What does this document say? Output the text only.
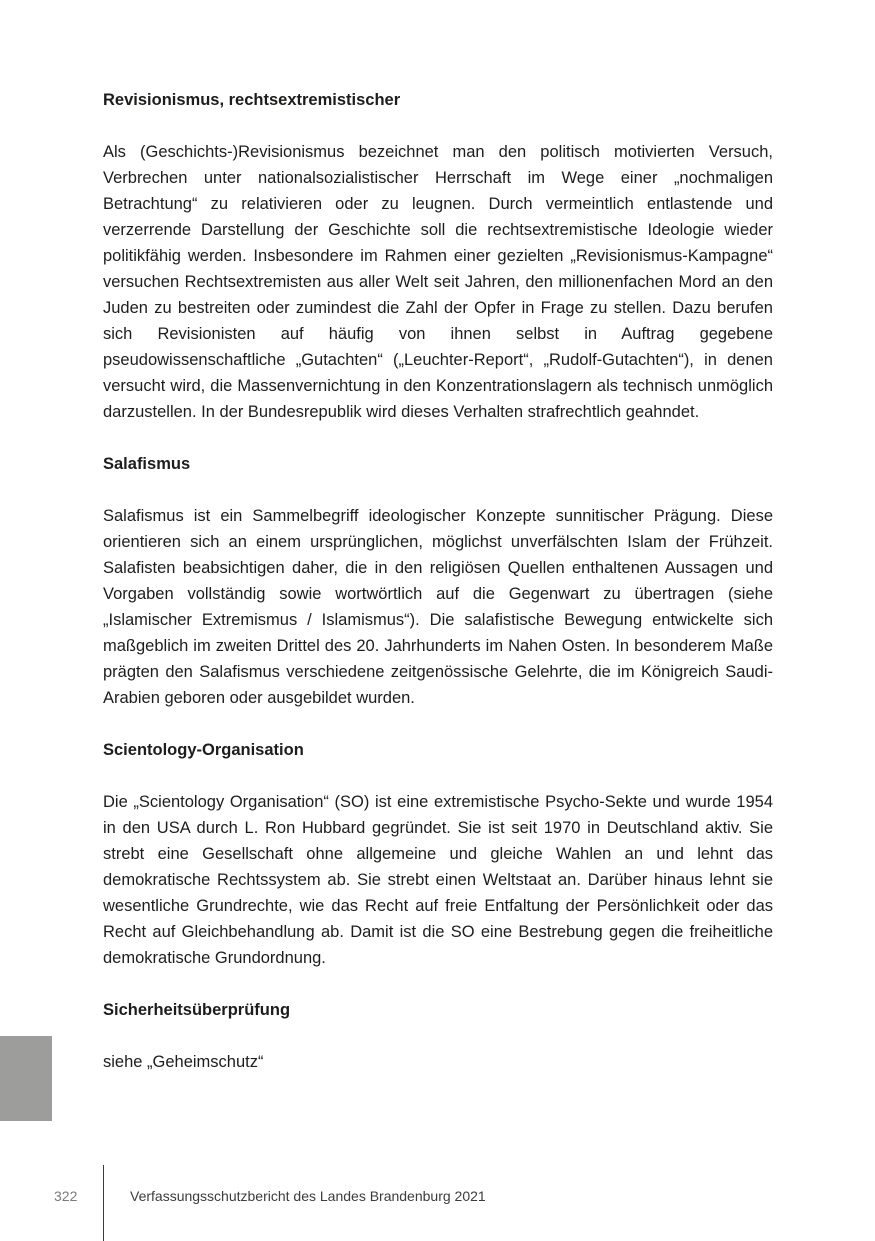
Revisionismus, rechtsextremistischer

Als (Geschichts-)Revisionismus bezeichnet man den politisch motivierten Versuch, Verbrechen unter nationalsozialistischer Herrschaft im Wege einer „nochmaligen Betrachtung“ zu relativieren oder zu leugnen. Durch vermeintlich entlastende und verzerrende Darstellung der Geschichte soll die rechtsextremistische Ideologie wieder politikfähig werden. Insbesondere im Rahmen einer gezielten „Revisionismus-Kampagne“ versuchen Rechtsextremisten aus aller Welt seit Jahren, den millionenfachen Mord an den Juden zu bestreiten oder zumindest die Zahl der Opfer in Frage zu stellen. Dazu berufen sich Revisionisten auf häufig von ihnen selbst in Auftrag gegebene pseudowissenschaftliche „Gutachten“ („Leuchter-Report“, „Rudolf-Gutachten“), in denen versucht wird, die Massenvernichtung in den Konzentrationslagern als technisch unmöglich darzustellen. In der Bundesrepublik wird dieses Verhalten strafrechtlich geahndet.

Salafismus

Salafismus ist ein Sammelbegriff ideologischer Konzepte sunnitischer Prägung. Diese orientieren sich an einem ursprünglichen, möglichst unverfälschten Islam der Frühzeit. Salafisten beabsichtigen daher, die in den religiösen Quellen enthaltenen Aussagen und Vorgaben vollständig sowie wortwörtlich auf die Gegenwart zu übertragen (siehe „Islamischer Extremismus / Islamismus“). Die salafistische Bewegung entwickelte sich maßgeblich im zweiten Drittel des 20. Jahrhunderts im Nahen Osten. In besonderem Maße prägten den Salafismus verschiedene zeitgenössische Gelehrte, die im Königreich Saudi-Arabien geboren oder ausgebildet wurden.

Scientology-Organisation

Die „Scientology Organisation“ (SO) ist eine extremistische Psycho-Sekte und wurde 1954 in den USA durch L. Ron Hubbard gegründet. Sie ist seit 1970 in Deutschland aktiv. Sie strebt eine Gesellschaft ohne allgemeine und gleiche Wahlen an und lehnt das demokratische Rechtssystem ab. Sie strebt einen Weltstaat an. Darüber hinaus lehnt sie wesentliche Grundrechte, wie das Recht auf freie Entfaltung der Persönlichkeit oder das Recht auf Gleichbehandlung ab. Damit ist die SO eine Bestrebung gegen die freiheitliche demokratische Grundordnung.

Sicherheitsüberprüfung

siehe „Geheimschutz“

322	Verfassungsschutzbericht des Landes Brandenburg 2021
